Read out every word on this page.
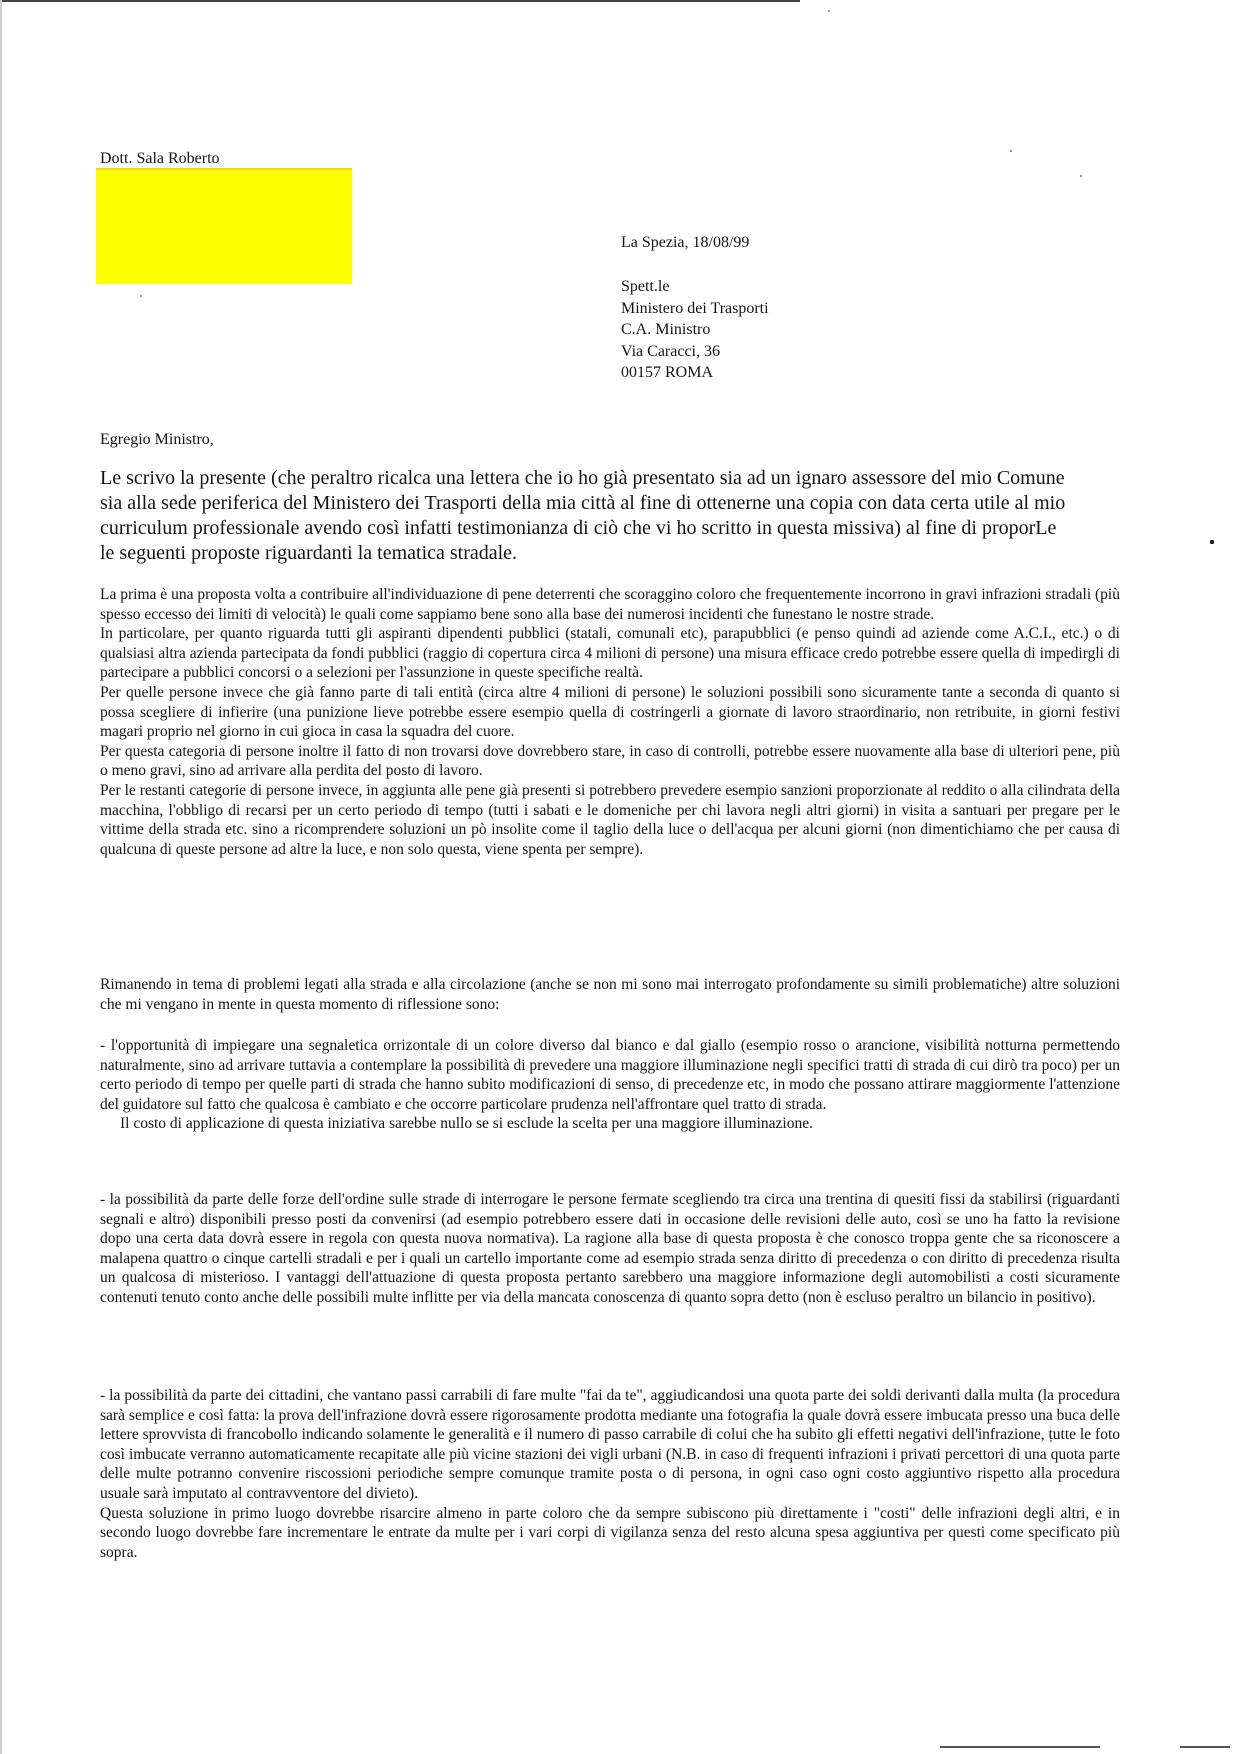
Dott. Sala Roberto
La Spezia, 18/08/99
Spett.le
Ministero dei Trasporti
C.A. Ministro
Via Caracci, 36
00157 ROMA
Egregio Ministro,
Le scrivo la presente (che peraltro ricalca una lettera che io ho già presentato sia ad un ignaro assessore del mio Comune sia alla sede periferica del Ministero dei Trasporti della mia città al fine di ottenerne una copia con data certa utile al mio curriculum professionale avendo così infatti testimonianza di ciò che vi ho scritto in questa missiva) al fine di proporLe le seguenti proposte riguardanti la tematica stradale.

La prima è una proposta volta a contribuire all'individuazione di pene deterrenti che scoraggino coloro che frequentemente incorrono in gravi infrazioni stradali (più spesso eccesso dei limiti di velocità) le quali come sappiamo bene sono alla base dei numerosi incidenti che funestano le nostre strade.

In particolare, per quanto riguarda tutti gli aspiranti dipendenti pubblici (statali, comunali etc), parapubblici (e penso quindi ad aziende come A.C.I., etc.) o di qualsiasi altra azienda partecipata da fondi pubblici (raggio di copertura circa 4 milioni di persone) una misura efficace credo potrebbe essere quella di impedirgli di partecipare a pubblici concorsi o a selezioni per l'assunzione in queste specifiche realtà.

Per quelle persone invece che già fanno parte di tali entità (circa altre 4 milioni di persone) le soluzioni possibili sono sicuramente tante a seconda di quanto si possa scegliere di infierire (una punizione lieve potrebbe essere esempio quella di costringerli a giornate di lavoro straordinario, non retribuite, in giorni festivi magari proprio nel giorno in cui gioca in casa la squadra del cuore.

Per questa categoria di persone inoltre il fatto di non trovarsi dove dovrebbero stare, in caso di controlli, potrebbe essere nuovamente alla base di ulteriori pene, più o meno gravi, sino ad arrivare alla perdita del posto di lavoro.

Per le restanti categorie di persone invece, in aggiunta alle pene già presenti si potrebbero prevedere esempio sanzioni proporzionate al reddito o alla cilindrata della macchina, l'obbligo di recarsi per un certo periodo di tempo (tutti i sabati e le domeniche per chi lavora negli altri giorni) in visita a santuari per pregare per le vittime della strada etc. sino a ricomprendere soluzioni un pò insolite come il taglio della luce o dell'acqua per alcuni giorni (non dimentichiamo che per causa di qualcuna di queste persone ad altre la luce, e non solo questa, viene spenta per sempre).

Rimanendo in tema di problemi legati alla strada e alla circolazione (anche se non mi sono mai interrogato profondamente su simili problematiche) altre soluzioni che mi vengano in mente in questa momento di riflessione sono:

- l'opportunità di impiegare una segnaletica orrizontale di un colore diverso dal bianco e dal giallo (esempio rosso o arancione, visibilità notturna permettendo naturalmente, sino ad arrivare tuttavia a contemplare la possibilità di prevedere una maggiore illuminazione negli specifici tratti di strada di cui dirò tra poco) per un certo periodo di tempo per quelle parti di strada che hanno subito modificazioni di senso, di precedenze etc, in modo che possano attirare maggiormente l'attenzione del guidatore sul fatto che qualcosa è cambiato e che occorre particolare prudenza nell'affrontare quel tratto di strada.

Il costo di applicazione di questa iniziativa sarebbe nullo se si esclude la scelta per una maggiore illuminazione.

- la possibilità da parte delle forze dell'ordine sulle strade di interrogare le persone fermate scegliendo tra circa una trentina di quesiti fissi da stabilirsi (riguardanti segnali e altro) disponibili presso posti da convenirsi (ad esempio potrebbero essere dati in occasione delle revisioni delle auto, così se uno ha fatto la revisione dopo una certa data dovrà essere in regola con questa nuova normativa). La ragione alla base di questa proposta è che conosco troppa gente che sa riconoscere a malapena quattro o cinque cartelli stradali e per i quali un cartello importante come ad esempio strada senza diritto di precedenza o con diritto di precedenza risulta un qualcosa di misterioso. I vantaggi dell'attuazione di questa proposta pertanto sarebbero una maggiore informazione degli automobilisti a costi sicuramente contenuti tenuto conto anche delle possibili multe inflitte per via della mancata conoscenza di quanto sopra detto (non è escluso peraltro un bilancio in positivo).

- la possibilità da parte dei cittadini, che vantano passi carrabili di fare multe "fai da te", aggiudicandosi una quota parte dei soldi derivanti dalla multa (la procedura sarà semplice e così fatta: la prova dell'infrazione dovrà essere rigorosamente prodotta mediante una fotografia la quale dovrà essere imbucata presso una buca delle lettere sprovvista di francobollo indicando solamente le generalità e il numero di passo carrabile di colui che ha subito gli effetti negativi dell'infrazione, tutte le foto così imbucate verranno automaticamente recapitate alle più vicine stazioni dei vigli urbani (N.B. in caso di frequenti infrazioni i privati percettori di una quota parte delle multe potranno convenire riscossioni periodiche sempre comunque tramite posta o di persona, in ogni caso ogni costo aggiuntivo rispetto alla procedura usuale sarà imputato al contravventore del divieto).

Questa soluzione in primo luogo dovrebbe risarcire almeno in parte coloro che da sempre subiscono più direttamente i "costi" delle infrazioni degli altri, e in secondo luogo dovrebbe fare incrementare le entrate da multe per i vari corpi di vigilanza senza del resto alcuna spesa aggiuntiva per questi come specificato più sopra.
